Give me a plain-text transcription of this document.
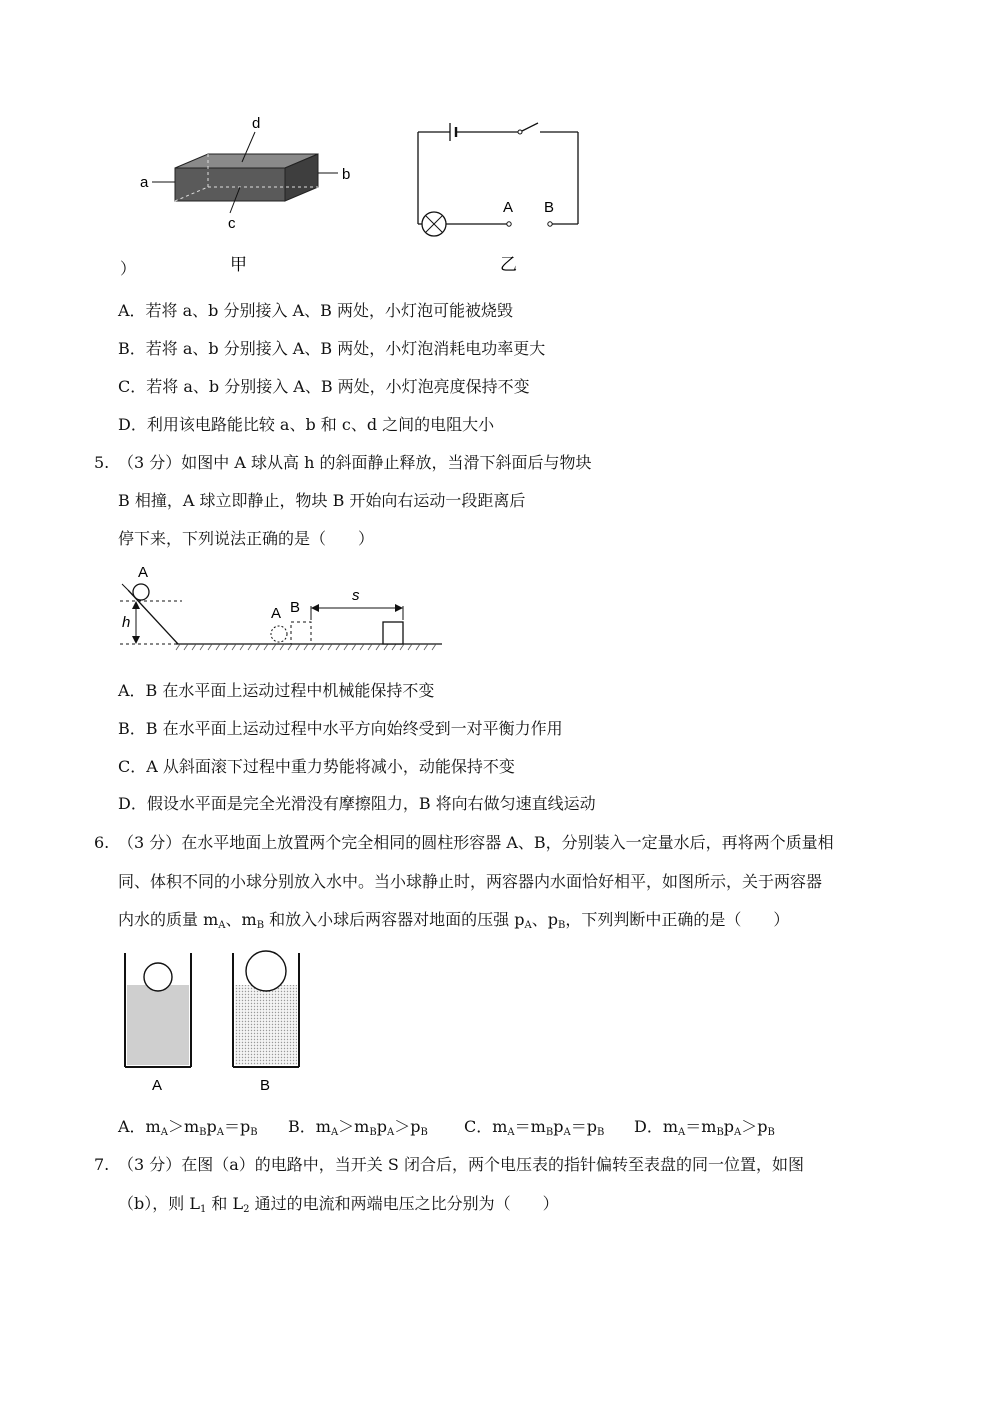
a	b
d
c
甲
A B
乙
）
A．若将 a、b 分别接入 A、B 两处，小灯泡可能被烧毁
B．若将 a、b 分别接入 A、B 两处，小灯泡消耗电功率更大
C．若将 a、b 分别接入 A、B 两处，小灯泡亮度保持不变
D．利用该电路能比较 a、b 和 c、d 之间的电阻大小
5. （3 分）如图中 A 球从高 h 的斜面静止释放，当滑下斜面后与物块
B 相撞，A 球立即静止，物块 B 开始向右运动一段距离后
停下来，下列说法正确的是（　　）
A
h
A B
s
A．B 在水平面上运动过程中机械能保持不变
B．B 在水平面上运动过程中水平方向始终受到一对平衡力作用
C．A 从斜面滚下过程中重力势能将减小，动能保持不变
D．假设水平面是完全光滑没有摩擦阻力，B 将向右做匀速直线运动
6. （3 分）在水平地面上放置两个完全相同的圆柱形容器 A、B，分别装入一定量水后，再将两个质量相
同、体积不同的小球分别放入水中。当小球静止时，两容器内水面恰好相平，如图所示，关于两容器
内水的质量 $m_A$、$m_B$ 和放入小球后两容器对地面的压强 $p_A$、$p_B$，下列判断中正确的是（　　）
A	B
A．$m_A>m_Bp_A=p_B$ B．$m_A>m_Bp_A>p_B$ C．$m_A=m_Bp_A=p_B$ D．$m_A=m_Bp_A>p_B$
7. （3 分）在图（a）的电路中，当开关 S 闭合后，两个电压表的指针偏转至表盘的同一位置，如图
（b），则 $L_1$ 和 $L_2$ 通过的电流和两端电压之比分别为（　　）
